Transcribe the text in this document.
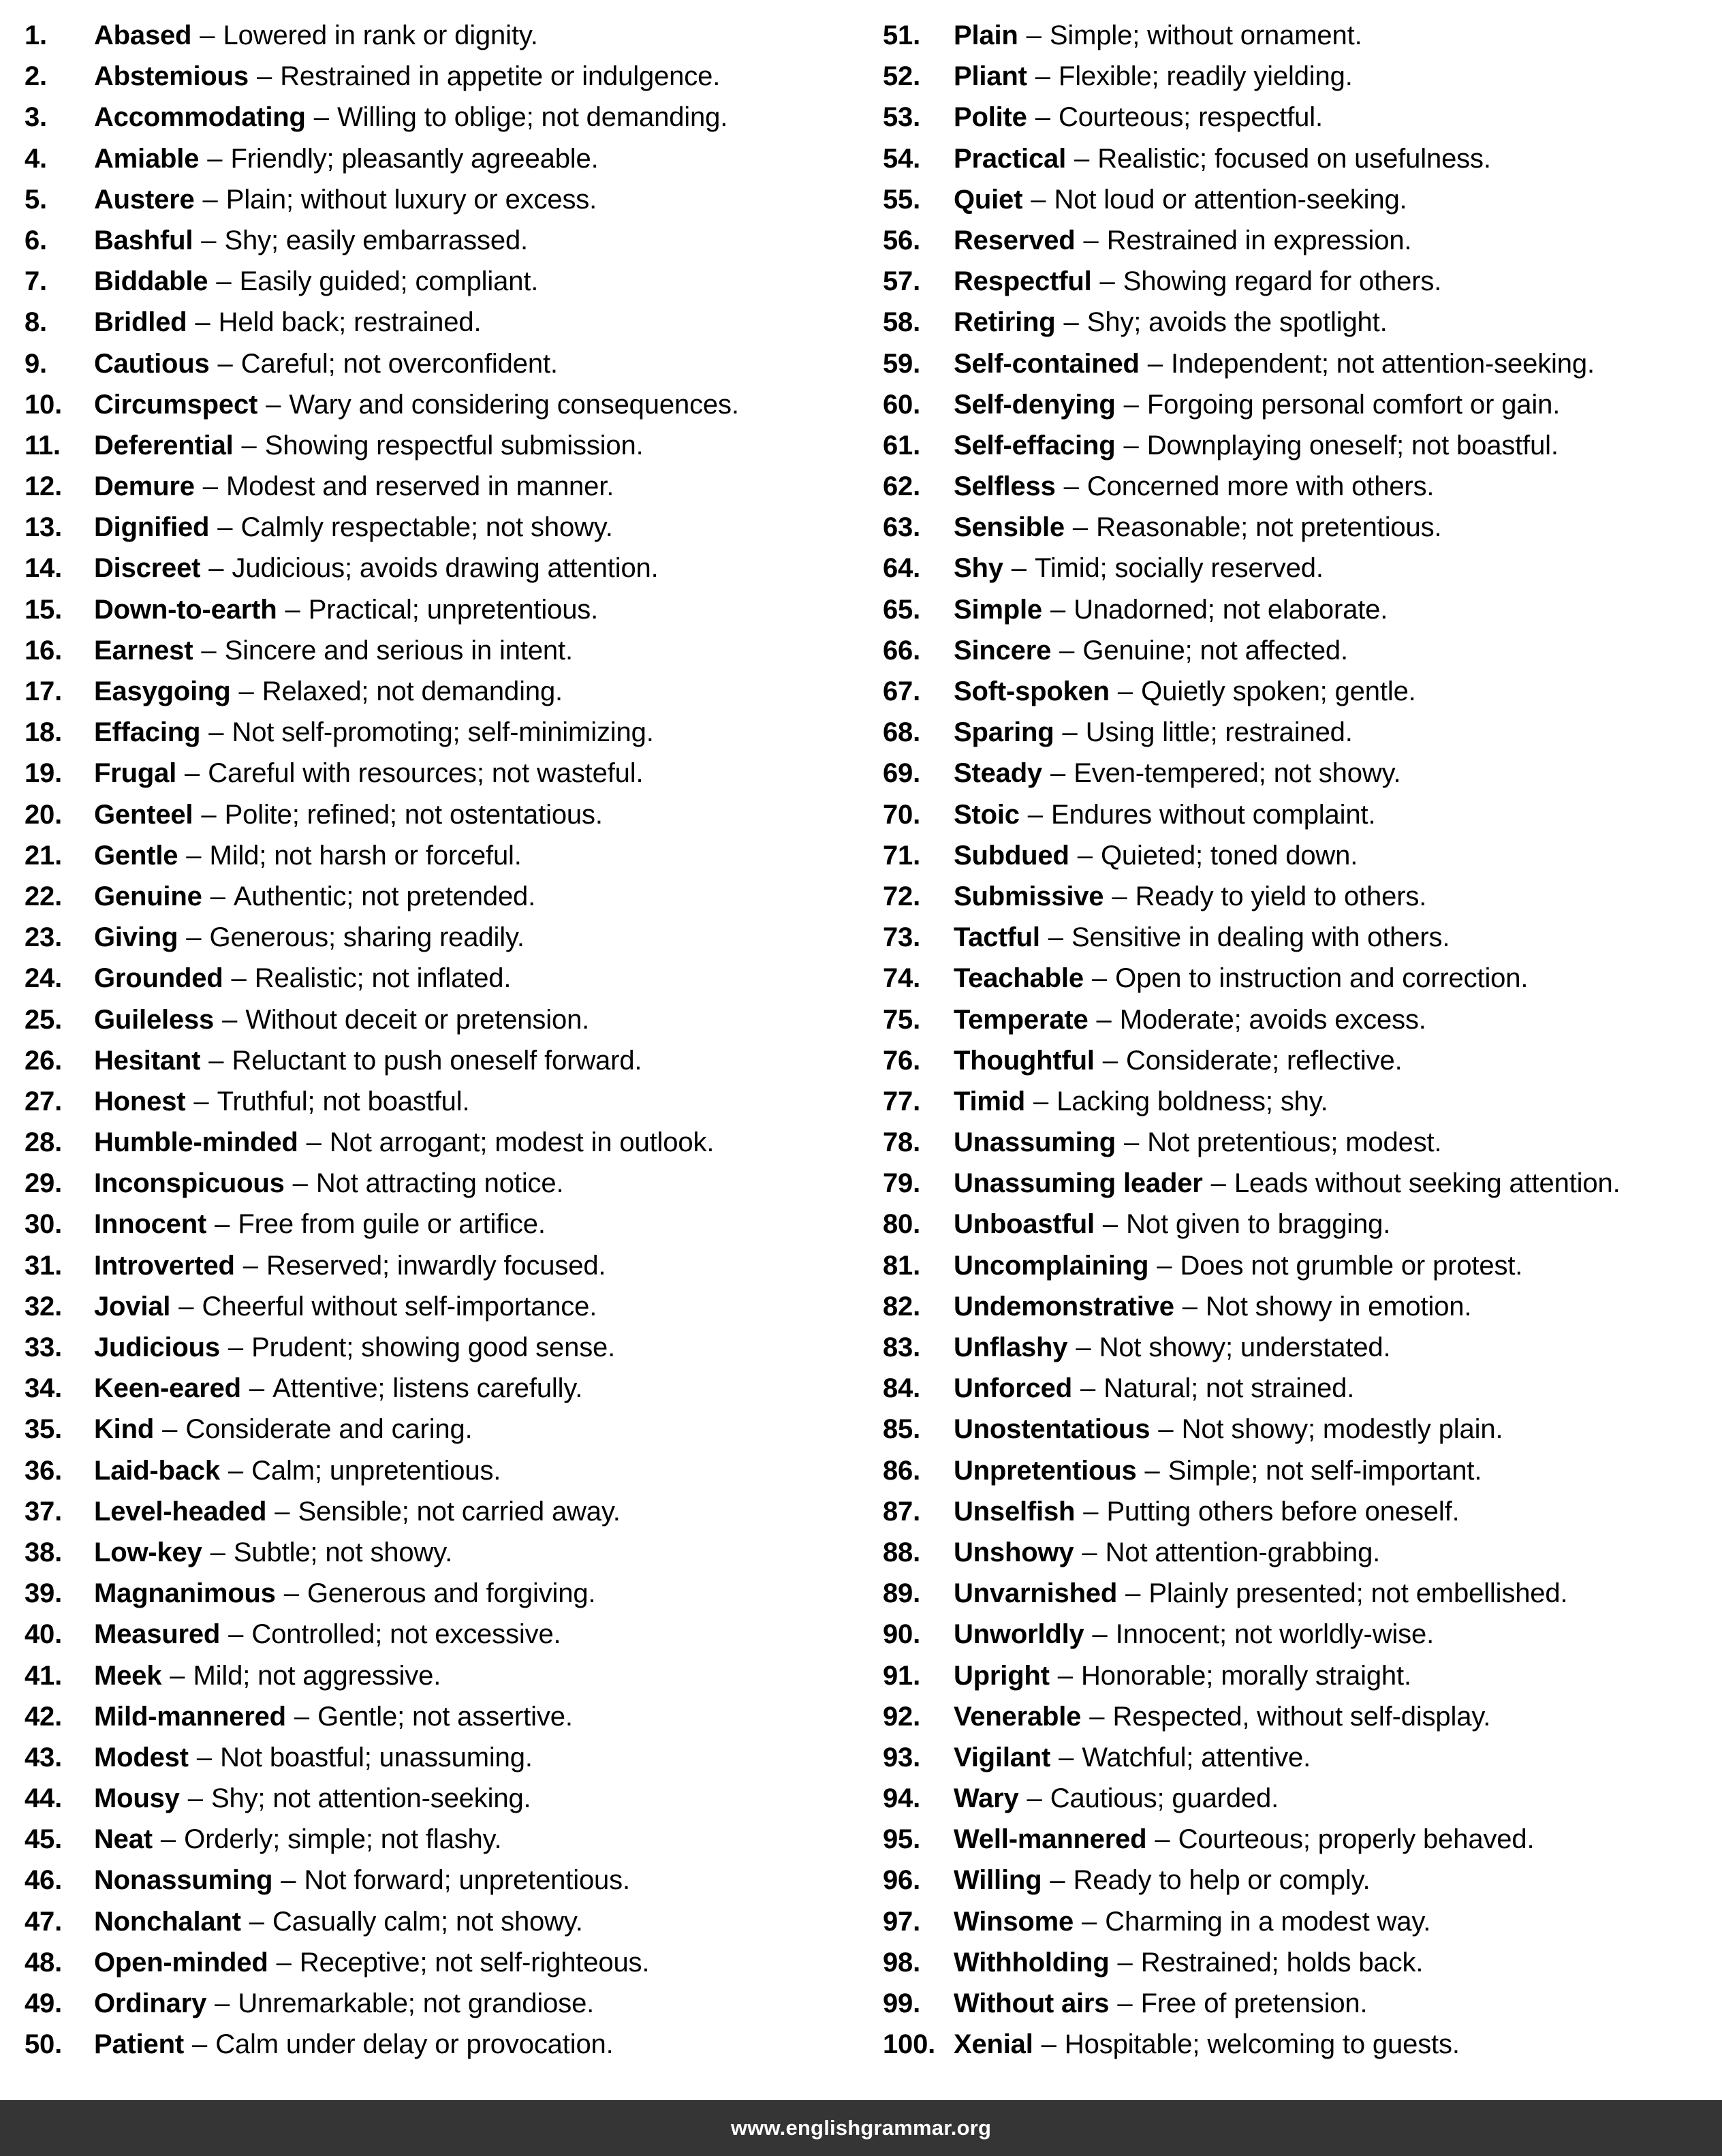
1.	Abased – Lowered in rank or dignity.
2.	Abstemious – Restrained in appetite or indulgence.
3.	Accommodating – Willing to oblige; not demanding.
4.	Amiable – Friendly; pleasantly agreeable.
5.	Austere – Plain; without luxury or excess.
6.	Bashful – Shy; easily embarrassed.
7.	Biddable – Easily guided; compliant.
8.	Bridled – Held back; restrained.
9.	Cautious – Careful; not overconfident.
10.	Circumspect – Wary and considering consequences.
11.	Deferential – Showing respectful submission.
12.	Demure – Modest and reserved in manner.
13.	Dignified – Calmly respectable; not showy.
14.	Discreet – Judicious; avoids drawing attention.
15.	Down-to-earth – Practical; unpretentious.
16.	Earnest – Sincere and serious in intent.
17.	Easygoing – Relaxed; not demanding.
18.	Effacing – Not self-promoting; self-minimizing.
19.	Frugal – Careful with resources; not wasteful.
20.	Genteel – Polite; refined; not ostentatious.
21.	Gentle – Mild; not harsh or forceful.
22.	Genuine – Authentic; not pretended.
23.	Giving – Generous; sharing readily.
24.	Grounded – Realistic; not inflated.
25.	Guileless – Without deceit or pretension.
26.	Hesitant – Reluctant to push oneself forward.
27.	Honest – Truthful; not boastful.
28.	Humble-minded – Not arrogant; modest in outlook.
29.	Inconspicuous – Not attracting notice.
30.	Innocent – Free from guile or artifice.
31.	Introverted – Reserved; inwardly focused.
32.	Jovial – Cheerful without self-importance.
33.	Judicious – Prudent; showing good sense.
34.	Keen-eared – Attentive; listens carefully.
35.	Kind – Considerate and caring.
36.	Laid-back – Calm; unpretentious.
37.	Level-headed – Sensible; not carried away.
38.	Low-key – Subtle; not showy.
39.	Magnanimous – Generous and forgiving.
40.	Measured – Controlled; not excessive.
41.	Meek – Mild; not aggressive.
42.	Mild-mannered – Gentle; not assertive.
43.	Modest – Not boastful; unassuming.
44.	Mousy – Shy; not attention-seeking.
45.	Neat – Orderly; simple; not flashy.
46.	Nonassuming – Not forward; unpretentious.
47.	Nonchalant – Casually calm; not showy.
48.	Open-minded – Receptive; not self-righteous.
49.	Ordinary – Unremarkable; not grandiose.
50.	Patient – Calm under delay or provocation.
51.	Plain – Simple; without ornament.
52.	Pliant – Flexible; readily yielding.
53.	Polite – Courteous; respectful.
54.	Practical – Realistic; focused on usefulness.
55.	Quiet – Not loud or attention-seeking.
56.	Reserved – Restrained in expression.
57.	Respectful – Showing regard for others.
58.	Retiring – Shy; avoids the spotlight.
59.	Self-contained – Independent; not attention-seeking.
60.	Self-denying – Forgoing personal comfort or gain.
61.	Self-effacing – Downplaying oneself; not boastful.
62.	Selfless – Concerned more with others.
63.	Sensible – Reasonable; not pretentious.
64.	Shy – Timid; socially reserved.
65.	Simple – Unadorned; not elaborate.
66.	Sincere – Genuine; not affected.
67.	Soft-spoken – Quietly spoken; gentle.
68.	Sparing – Using little; restrained.
69.	Steady – Even-tempered; not showy.
70.	Stoic – Endures without complaint.
71.	Subdued – Quieted; toned down.
72.	Submissive – Ready to yield to others.
73.	Tactful – Sensitive in dealing with others.
74.	Teachable – Open to instruction and correction.
75.	Temperate – Moderate; avoids excess.
76.	Thoughtful – Considerate; reflective.
77.	Timid – Lacking boldness; shy.
78.	Unassuming – Not pretentious; modest.
79.	Unassuming leader – Leads without seeking attention.
80.	Unboastful – Not given to bragging.
81.	Uncomplaining – Does not grumble or protest.
82.	Undemonstrative – Not showy in emotion.
83.	Unflashy – Not showy; understated.
84.	Unforced – Natural; not strained.
85.	Unostentatious – Not showy; modestly plain.
86.	Unpretentious – Simple; not self-important.
87.	Unselfish – Putting others before oneself.
88.	Unshowy – Not attention-grabbing.
89.	Unvarnished – Plainly presented; not embellished.
90.	Unworldly – Innocent; not worldly-wise.
91.	Upright – Honorable; morally straight.
92.	Venerable – Respected, without self-display.
93.	Vigilant – Watchful; attentive.
94.	Wary – Cautious; guarded.
95.	Well-mannered – Courteous; properly behaved.
96.	Willing – Ready to help or comply.
97.	Winsome – Charming in a modest way.
98.	Withholding – Restrained; holds back.
99.	Without airs – Free of pretension.
100. Xenial – Hospitable; welcoming to guests.
www.englishgrammar.org
